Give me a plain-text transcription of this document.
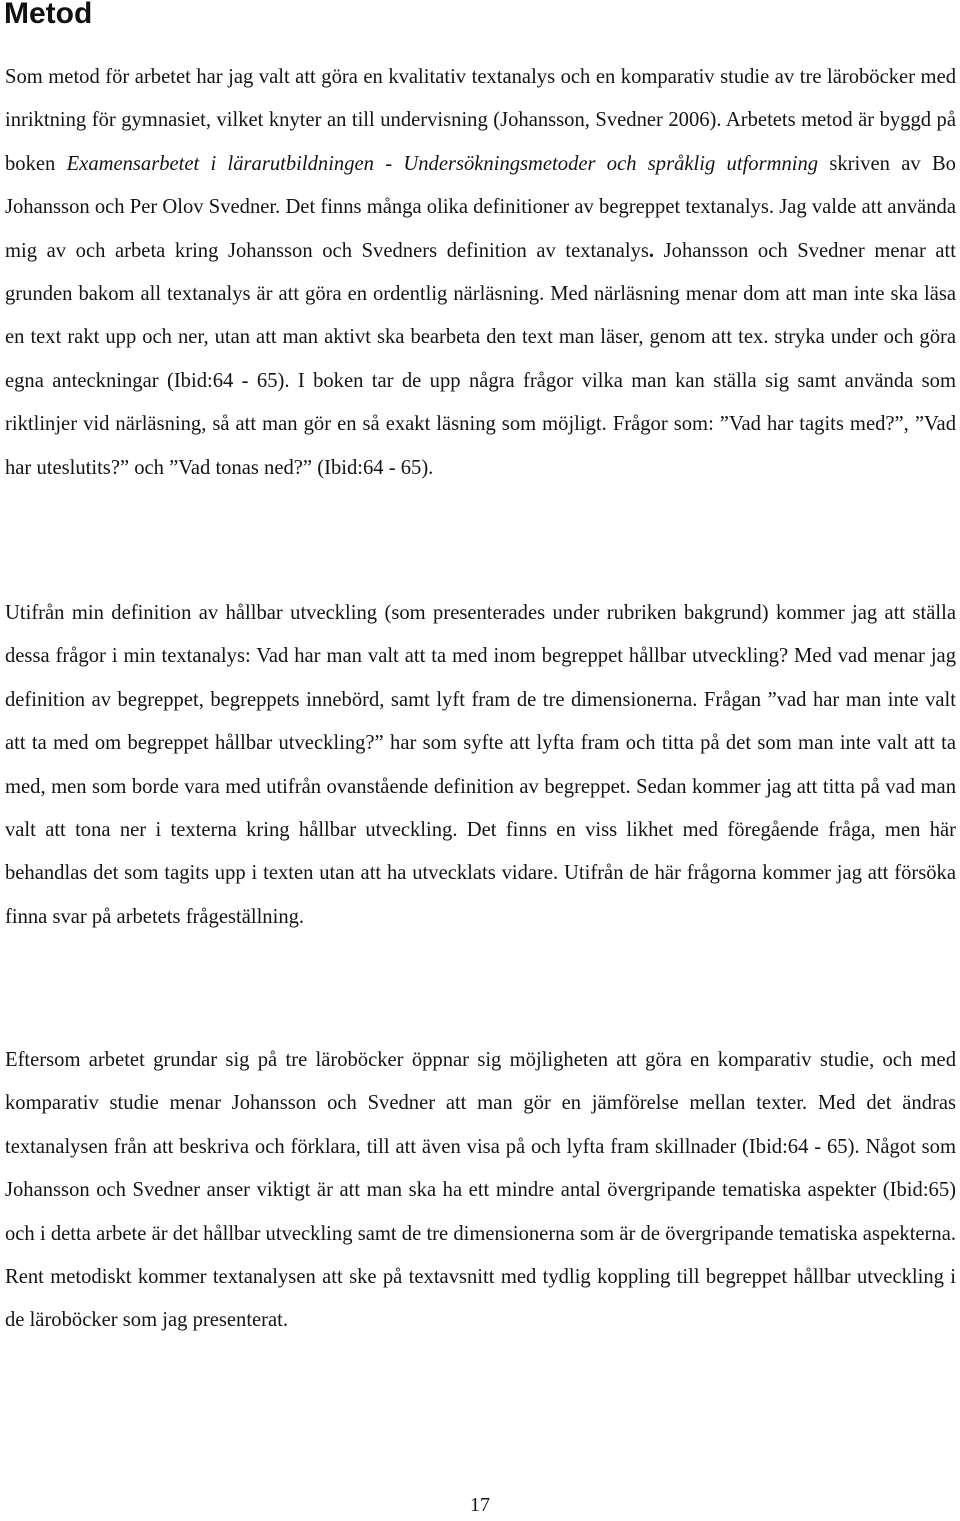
Metod

Som metod för arbetet har jag valt att göra en kvalitativ textanalys och en komparativ studie av tre läroböcker med inriktning för gymnasiet, vilket knyter an till undervisning (Johansson, Svedner 2006). Arbetets metod är byggd på boken Examensarbetet i lärarutbildningen - Undersökningsmetoder och språklig utformning skriven av Bo Johansson och Per Olov Svedner. Det finns många olika definitioner av begreppet textanalys. Jag valde att använda mig av och arbeta kring Johansson och Svedners definition av textanalys. Johansson och Svedner menar att grunden bakom all textanalys är att göra en ordentlig närläsning. Med närläsning menar dom att man inte ska läsa en text rakt upp och ner, utan att man aktivt ska bearbeta den text man läser, genom att tex. stryka under och göra egna anteckningar (Ibid:64 - 65). I boken tar de upp några frågor vilka man kan ställa sig samt använda som riktlinjer vid närläsning, så att man gör en så exakt läsning som möjligt. Frågor som: ”Vad har tagits med?”, ”Vad har uteslutits?” och ”Vad tonas ned?” (Ibid:64 - 65).

Utifrån min definition av hållbar utveckling (som presenterades under rubriken bakgrund) kommer jag att ställa dessa frågor i min textanalys: Vad har man valt att ta med inom begreppet hållbar utveckling? Med vad menar jag definition av begreppet, begreppets innebörd, samt lyft fram de tre dimensionerna. Frågan ”vad har man inte valt att ta med om begreppet hållbar utveckling?” har som syfte att lyfta fram och titta på det som man inte valt att ta med, men som borde vara med utifrån ovanstående definition av begreppet. Sedan kommer jag att titta på vad man valt att tona ner i texterna kring hållbar utveckling. Det finns en viss likhet med föregående fråga, men här behandlas det som tagits upp i texten utan att ha utvecklats vidare. Utifrån de här frågorna kommer jag att försöka finna svar på arbetets frågeställning.

Eftersom arbetet grundar sig på tre läroböcker öppnar sig möjligheten att göra en komparativ studie, och med komparativ studie menar Johansson och Svedner att man gör en jämförelse mellan texter. Med det ändras textanalysen från att beskriva och förklara, till att även visa på och lyfta fram skillnader (Ibid:64 - 65). Något som Johansson och Svedner anser viktigt är att man ska ha ett mindre antal övergripande tematiska aspekter (Ibid:65) och i detta arbete är det hållbar utveckling samt de tre dimensionerna som är de övergripande tematiska aspekterna. Rent metodiskt kommer textanalysen att ske på textavsnitt med tydlig koppling till begreppet hållbar utveckling i de läroböcker som jag presenterat.

17
